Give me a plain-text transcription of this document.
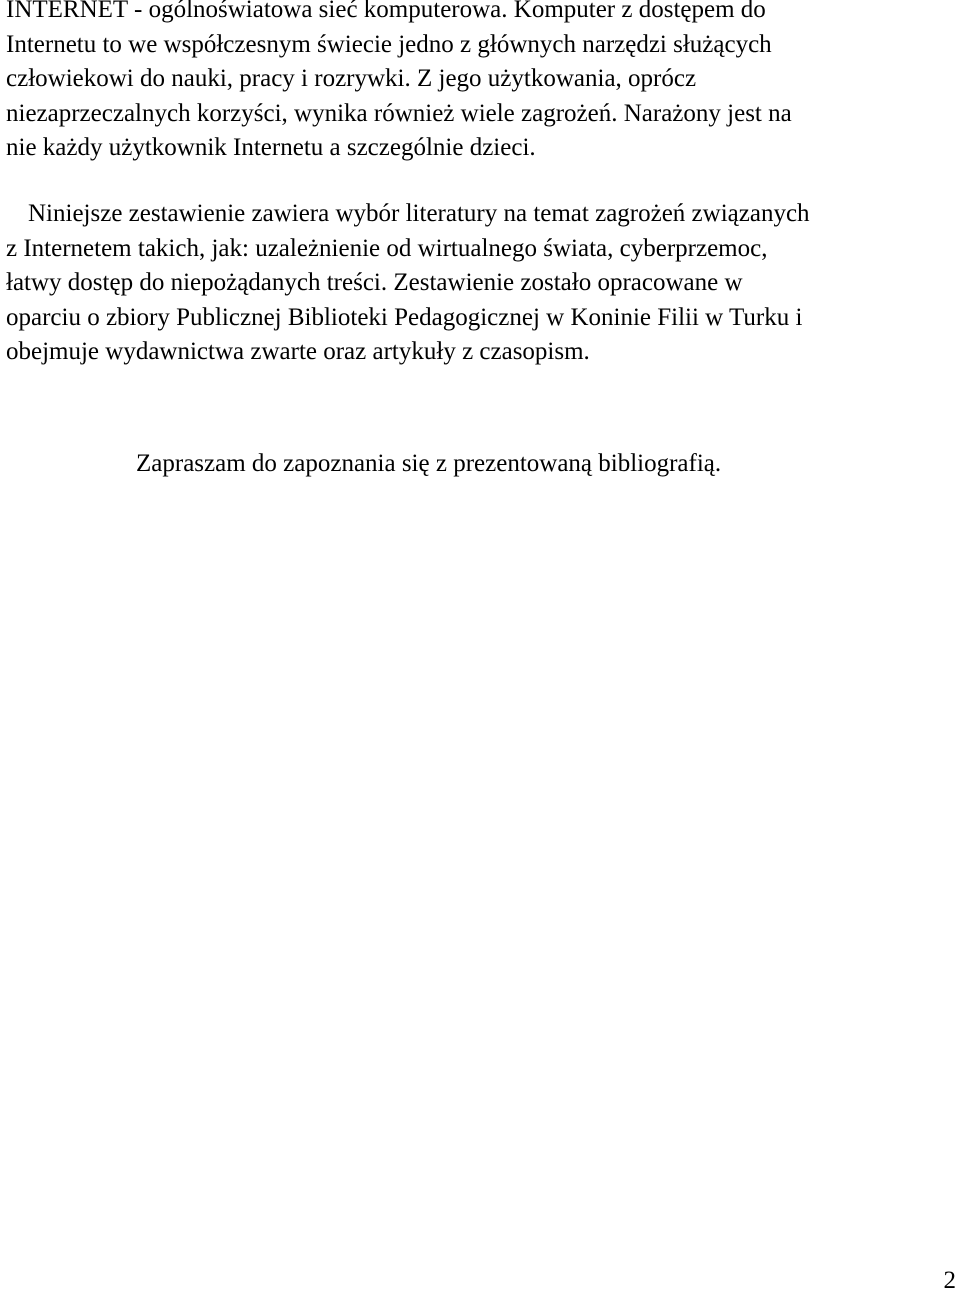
INTERNET - ogólnoświatowa sieć komputerowa. Komputer z dostępem do
Internetu to we współczesnym świecie jedno z głównych narzędzi służących
człowiekowi do nauki, pracy i rozrywki. Z jego użytkowania, oprócz
niezaprzeczalnych korzyści, wynika również wiele zagrożeń. Narażony jest na
nie każdy użytkownik Internetu a szczególnie dzieci.

Niniejsze zestawienie zawiera wybór literatury na temat zagrożeń związanych
z Internetem takich, jak: uzależnienie od wirtualnego świata, cyberprzemoc,
łatwy dostęp do niepożądanych treści. Zestawienie zostało opracowane w
oparciu o zbiory Publicznej Biblioteki Pedagogicznej w Koninie Filii w Turku i
obejmuje wydawnictwa zwarte oraz artykuły z czasopism.

Zapraszam do zapoznania się z prezentowaną bibliografią.

2
